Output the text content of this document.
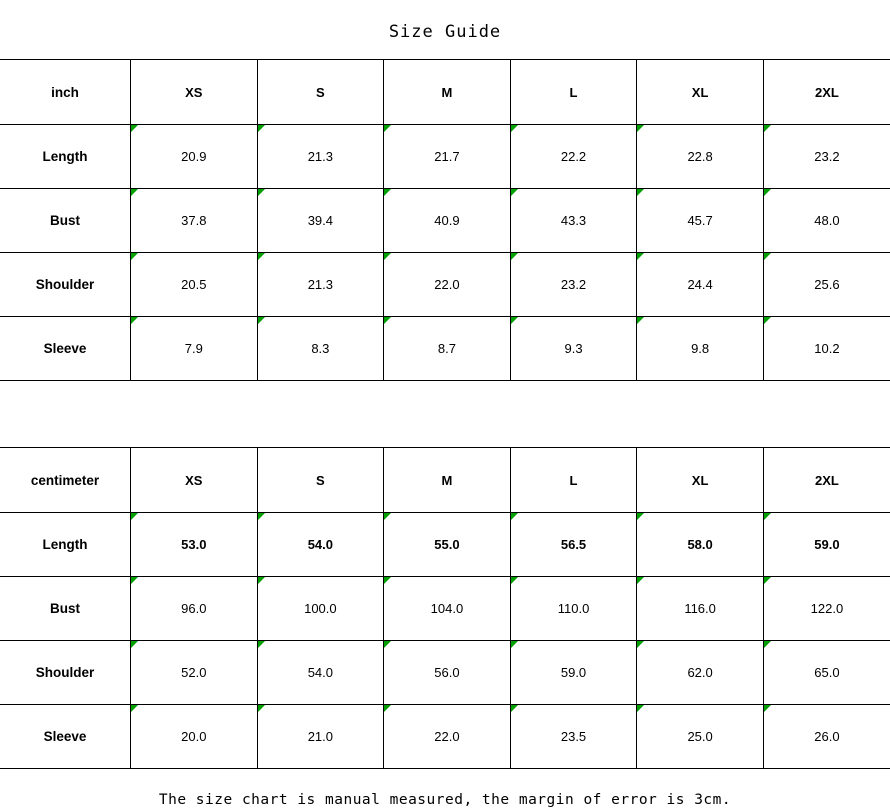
Size Guide
inch	XS	S	M	L	XL	2XL
Length	20.9	21.3	21.7	22.2	22.8	23.2
Bust	37.8	39.4	40.9	43.3	45.7	48.0
Shoulder	20.5	21.3	22.0	23.2	24.4	25.6
Sleeve	7.9	8.3	8.7	9.3	9.8	10.2
centimeter	XS	S	M	L	XL	2XL
Length	53.0	54.0	55.0	56.5	58.0	59.0
Bust	96.0	100.0	104.0	110.0	116.0	122.0
Shoulder	52.0	54.0	56.0	59.0	62.0	65.0
Sleeve	20.0	21.0	22.0	23.5	25.0	26.0
The size chart is manual measured, the margin of error is 3cm.
